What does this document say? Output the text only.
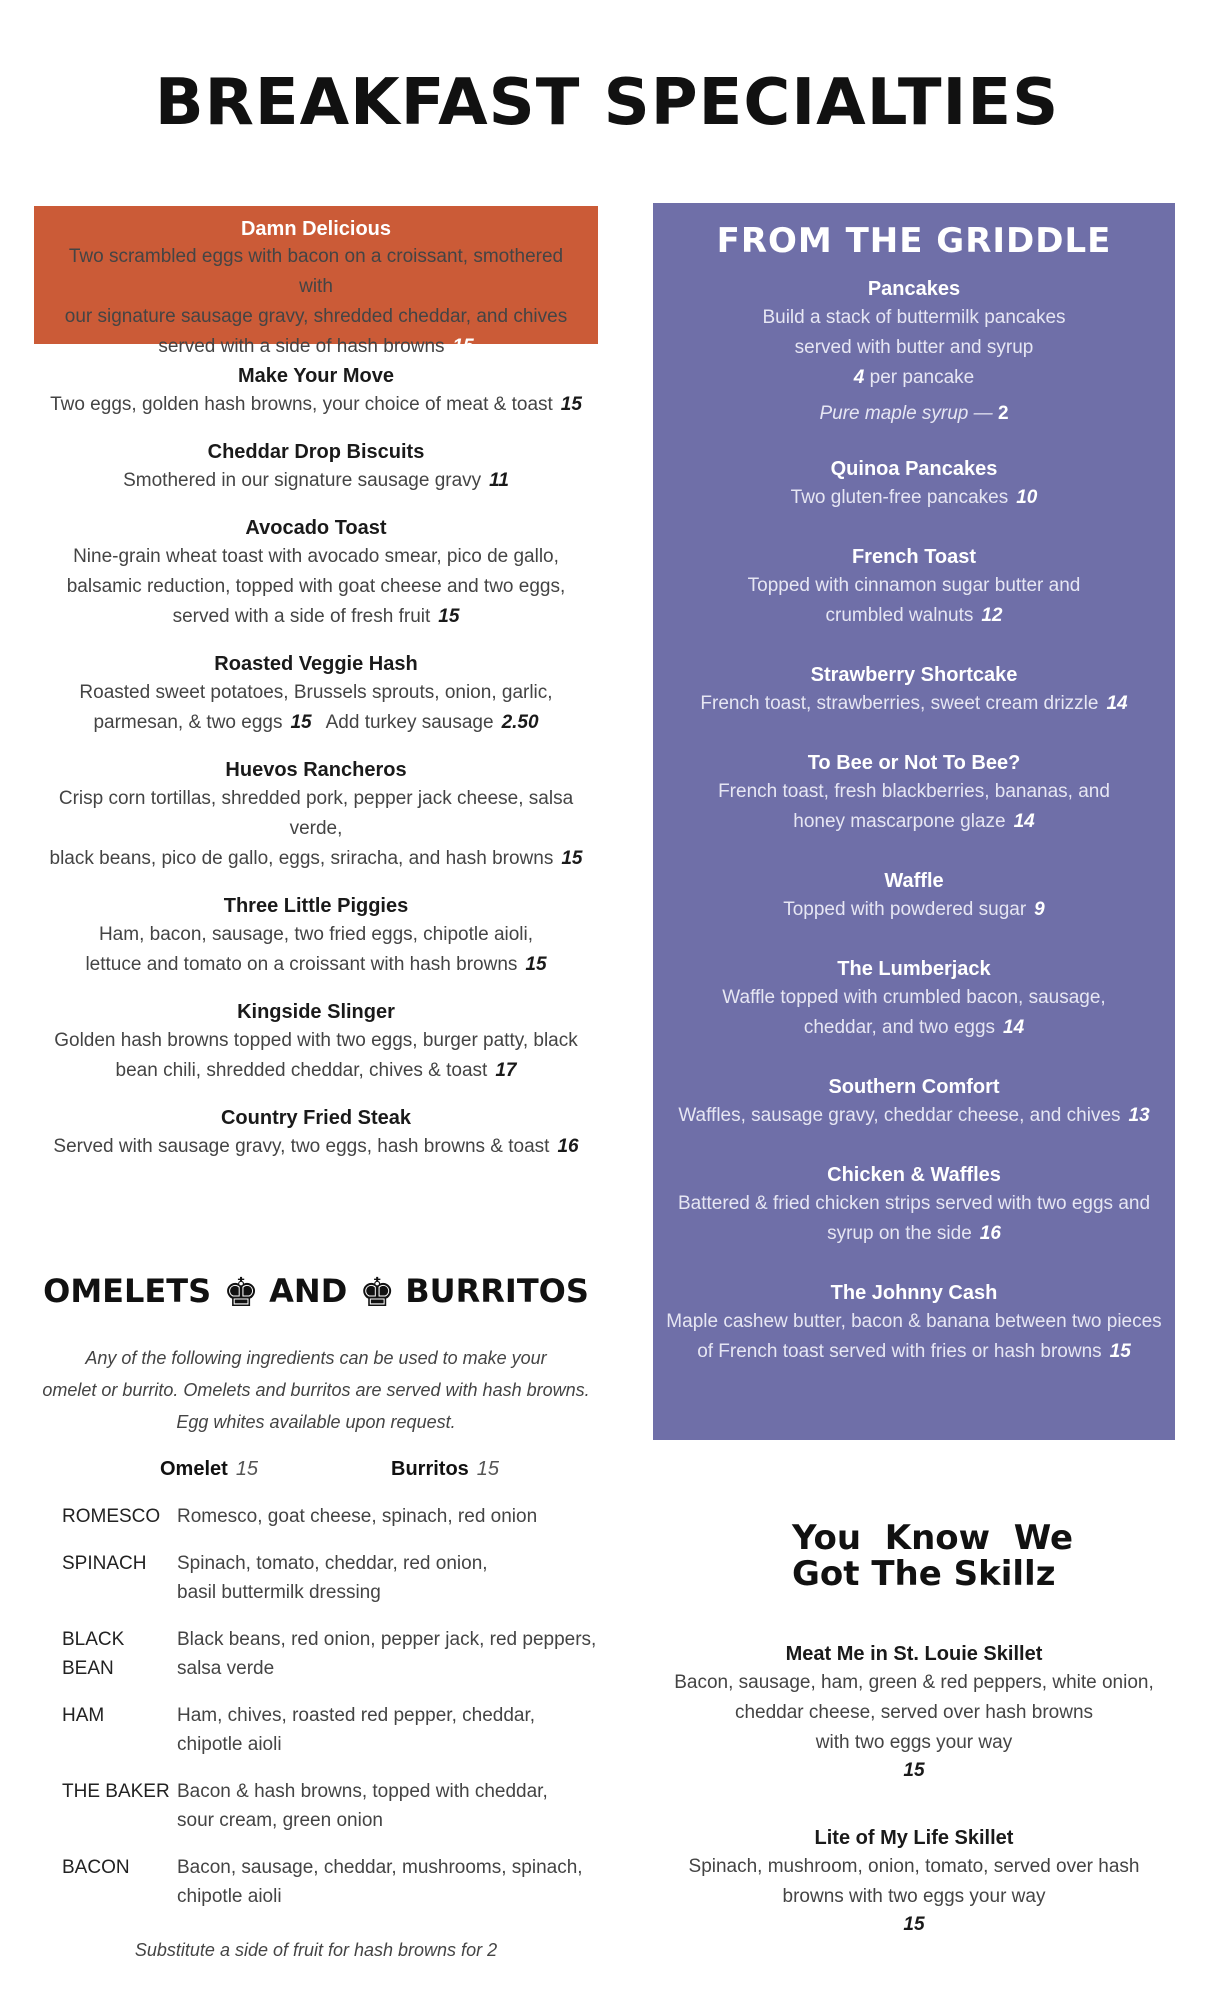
BREAKFAST SPECIALTIES
Damn Delicious
Two scrambled eggs with bacon on a croissant, smothered with
our signature sausage gravy, shredded cheddar, and chives
served with a side of hash browns 15
Make Your Move
Two eggs, golden hash browns, your choice of meat & toast 15
Cheddar Drop Biscuits
Smothered in our signature sausage gravy 11
Avocado Toast
Nine-grain wheat toast with avocado smear, pico de gallo,
balsamic reduction, topped with goat cheese and two eggs,
served with a side of fresh fruit 15
Roasted Veggie Hash
Roasted sweet potatoes, Brussels sprouts, onion, garlic,
parmesan, & two eggs 15 Add turkey sausage 2.50
Huevos Rancheros
Crisp corn tortillas, shredded pork, pepper jack cheese, salsa verde,
black beans, pico de gallo, eggs, sriracha, and hash browns 15
Three Little Piggies
Ham, bacon, sausage, two fried eggs, chipotle aioli,
lettuce and tomato on a croissant with hash browns 15
Kingside Slinger
Golden hash browns topped with two eggs, burger patty, black
bean chili, shredded cheddar, chives & toast 17
Country Fried Steak
Served with sausage gravy, two eggs, hash browns & toast 16
OMELETS ♚ AND ♚ BURRITOS
Any of the following ingredients can be used to make your
omelet or burrito. Omelets and burritos are served with hash browns.
Egg whites available upon request.
Omelet 15	Burritos 15
ROMESCO Romesco, goat cheese, spinach, red onion
SPINACH	Spinach, tomato, cheddar, red onion,
basil buttermilk dressing
BLACK BEAN
Black beans, red onion, pepper jack, red peppers,
salsa verde
HAM	Ham, chives, roasted red pepper, cheddar,
chipotle aioli
THE BAKER Bacon & hash browns, topped with cheddar,
sour cream, green onion
BACON	Bacon, sausage, cheddar, mushrooms, spinach,
chipotle aioli
Substitute a side of fruit for hash browns for 2
FROM THE GRIDDLE
Pancakes
Build a stack of buttermilk pancakes
served with butter and syrup
4 per pancake
Pure maple syrup — 2
Quinoa Pancakes
Two gluten-free pancakes 10
French Toast
Topped with cinnamon sugar butter and
crumbled walnuts 12
Strawberry Shortcake
French toast, strawberries, sweet cream drizzle 14
To Bee or Not To Bee?
French toast, fresh blackberries, bananas, and
honey mascarpone glaze 14
Waffle
Topped with powdered sugar 9
The Lumberjack
Waffle topped with crumbled bacon, sausage,
cheddar, and two eggs 14
Southern Comfort
Waffles, sausage gravy, cheddar cheese, and chives 13
Chicken & Waffles
Battered & fried chicken strips served with two eggs and
syrup on the side 16
The Johnny Cash
Maple cashew butter, bacon & banana between two pieces
of French toast served with fries or hash browns 15
You  Know  We
Got The Skillz
Meat Me in St. Louie Skillet
Bacon, sausage, ham, green & red peppers, white onion,
cheddar cheese, served over hash browns
with two eggs your way
15
Lite of My Life Skillet
Spinach, mushroom, onion, tomato, served over hash
browns with two eggs your way
15
